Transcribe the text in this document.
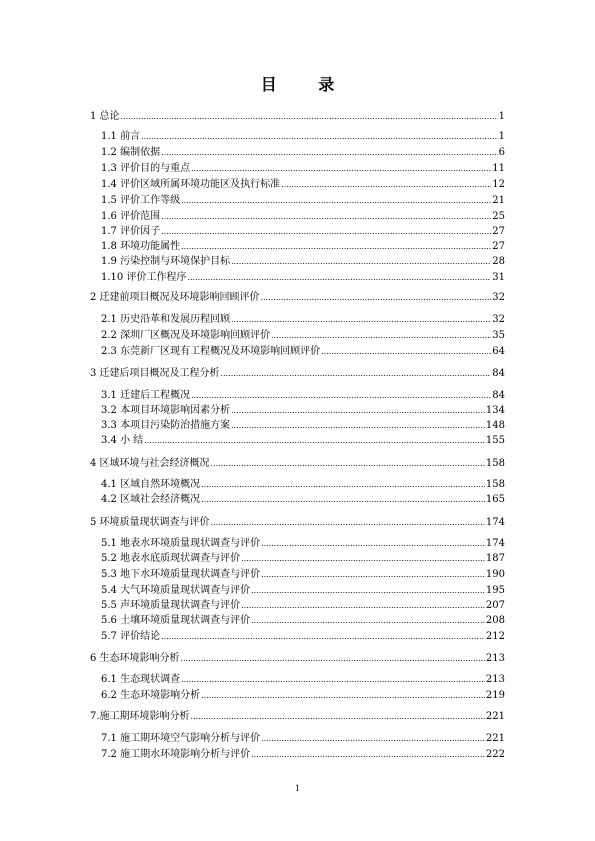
目 录
1 总论 .....	1
1.1 前言 .....	1
1.2 编制依据 .....	6
1.3 评价目的与重点 .....	11
1.4 评价区域所属环境功能区及执行标准 .....	12
1.5 评价工作等级 .....	21
1.6 评价范围 .....	25
1.7 评价因子 .....	27
1.8 环境功能属性 .....	27
1.9 污染控制与环境保护目标 .....	28
1.10 评价工作程序 .....	31
2 迁建前项目概况及环境影响回顾评价 .....	32
2.1 历史沿革和发展历程回顾 .....	32
2.2 深圳厂区概况及环境影响回顾评价 .....	35
2.3 东莞新厂区现有工程概况及环境影响回顾评价 .....	64
3 迁建后项目概况及工程分析 .....	84
3.1 迁建后工程概况 .....	84
3.2 本项目环境影响因素分析 .....	134
3.3 本项目污染防治措施方案 .....	148
3.4 小 结 .....	155
4 区域环境与社会经济概况 .....	158
4.1 区域自然环境概况 .....	158
4.2 区域社会经济概况 .....	165
5 环境质量现状调查与评价 .....	174
5.1 地表水环境质量现状调查与评价 .....	174
5.2 地表水底质现状调查与评价 .....	187
5.3 地下水环境质量现状调查与评价 .....	190
5.4 大气环境质量现状调查与评价 .....	195
5.5 声环境质量现状调查与评价 .....	207
5.6 土壤环境质量现状调查与评价 .....	208
5.7 评价结论 .....	212
6 生态环境影响分析 .....	213
6.1 生态现状调查 .....	213
6.2 生态环境影响分析 .....	219
7.施工期环境影响分析 .....	221
7.1 施工期环境空气影响分析与评价 .....	221
7.2 施工期水环境影响分析与评价 .....	222
1
